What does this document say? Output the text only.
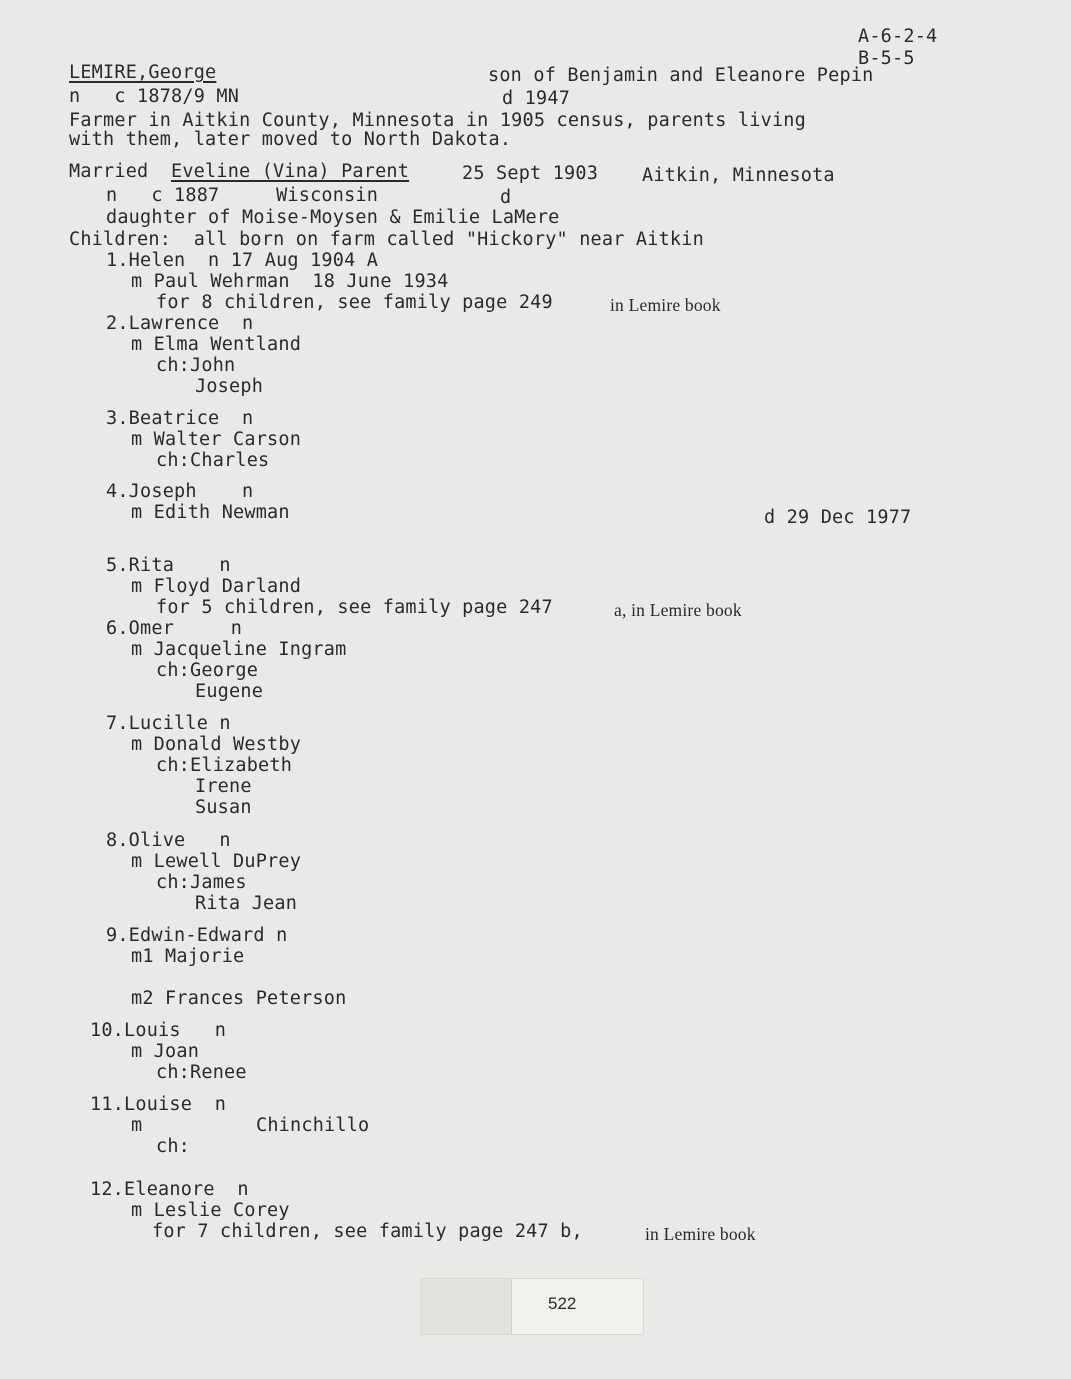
A-6-2-4
B-5-5
LEMIRE,George	son of Benjamin and Eleanore Pepin
n   c 1878/9 MN	d 1947
Farmer in Aitkin County, Minnesota in 1905 census, parents living
with them, later moved to North Dakota.
Married Eveline (Vina) Parent	25 Sept 1903 Aitkin, Minnesota
n   c 1887     Wisconsin	d
daughter of Moise-Moysen & Emilie LaMere
Children:  all born on farm called "Hickory" near Aitkin
1.Helen  n 17 Aug 1904 A
m Paul Wehrman  18 June 1934
for 8 children, see family page 249	in Lemire book
2.Lawrence  n
m Elma Wentland
ch:John
Joseph
3.Beatrice  n
m Walter Carson
ch:Charles
4.Joseph    n
m Edith Newman	d 29 Dec 1977
5.Rita    n
m Floyd Darland
for 5 children, see family page 247	a, in Lemire book
6.Omer     n
m Jacqueline Ingram
ch:George
Eugene
7.Lucille n
m Donald Westby
ch:Elizabeth
Irene
Susan
8.Olive   n
m Lewell DuPrey
ch:James
Rita Jean
9.Edwin-Edward n
m1 Majorie
m2 Frances Peterson
10.Louis   n
m Joan
ch:Renee
11.Louise  n
m	Chinchillo
ch:
12.Eleanore  n
m Leslie Corey
for 7 children, see family page 247 b,	in Lemire book
522
